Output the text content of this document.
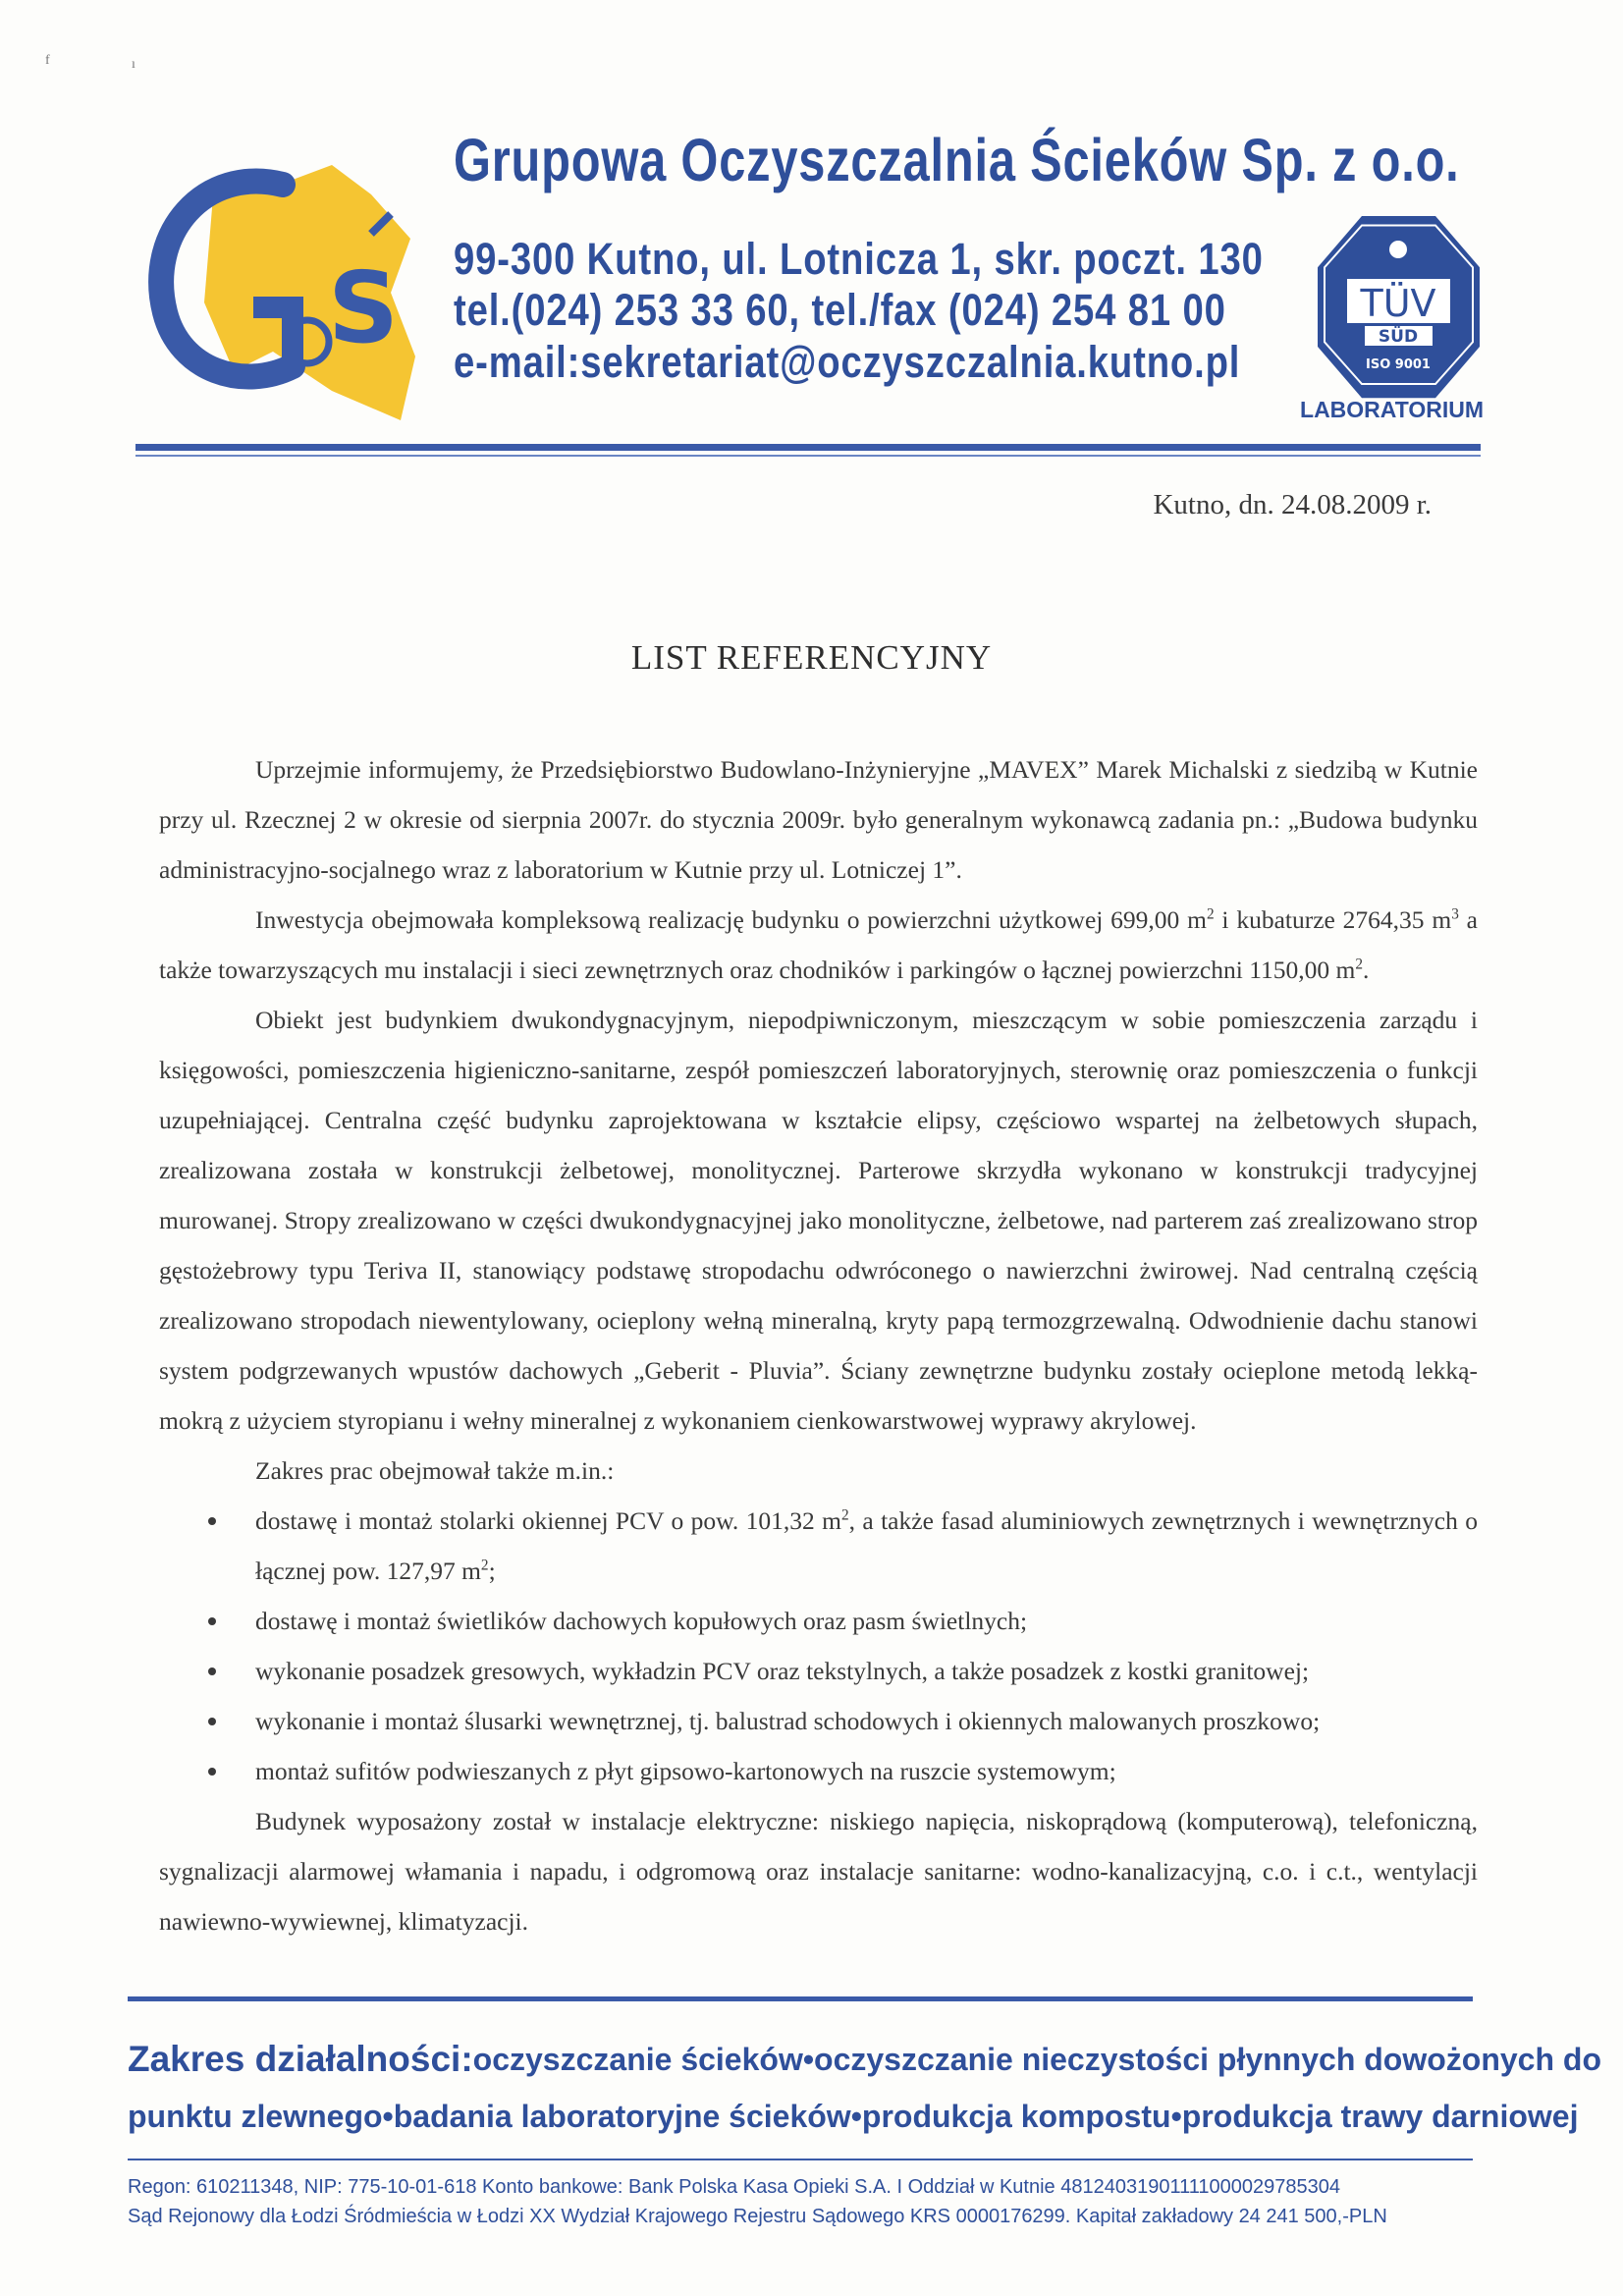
f	ı
S
Grupowa Oczyszczalnia Ścieków Sp. z o.o.
99-300 Kutno, ul. Lotnicza 1, skr. poczt. 130
tel.(024) 253 33 60, tel./fax (024) 254 81 00
e-mail:sekretariat@oczyszczalnia.kutno.pl
TÜV
SÜD
ISO 9001
LABORATORIUM
Kutno, dn. 24.08.2009 r.
LIST REFERENCYJNY

Uprzejmie informujemy, że Przedsiębiorstwo Budowlano-Inżynieryjne „MAVEX” Marek Michalski z siedzibą w Kutnie przy ul. Rzecznej 2 w okresie od sierpnia 2007r. do stycznia 2009r. było generalnym wykonawcą zadania pn.: „Budowa budynku administracyjno-socjalnego wraz z laboratorium w Kutnie przy ul. Lotniczej 1”.

Inwestycja obejmowała kompleksową realizację budynku o powierzchni użytkowej 699,00 $m^2$ i kubaturze 2764,35 $m^3$ a także towarzyszących mu instalacji i sieci zewnętrznych oraz chodników i parkingów o łącznej powierzchni 1150,00 $m^2$.

Obiekt jest budynkiem dwukondygnacyjnym, niepodpiwniczonym, mieszczącym w sobie pomieszczenia zarządu i księgowości, pomieszczenia higieniczno-sanitarne, zespół pomieszczeń laboratoryjnych, sterownię oraz pomieszczenia o funkcji uzupełniającej. Centralna część budynku zaprojektowana w kształcie elipsy, częściowo wspartej na żelbetowych słupach, zrealizowana została w konstrukcji żelbetowej, monolitycznej. Parterowe skrzydła wykonano w konstrukcji tradycyjnej murowanej. Stropy zrealizowano w części dwukondygnacyjnej jako monolityczne, żelbetowe, nad parterem zaś zrealizowano strop gęstożebrowy typu Teriva II, stanowiący podstawę stropodachu odwróconego o nawierzchni żwirowej. Nad centralną częścią zrealizowano stropodach niewentylowany, ocieplony wełną mineralną, kryty papą termozgrzewalną. Odwodnienie dachu stanowi system podgrzewanych wpustów dachowych „Geberit - Pluvia”. Ściany zewnętrzne budynku zostały ocieplone metodą lekką-mokrą z użyciem styropianu i wełny mineralnej z wykonaniem cienkowarstwowej wyprawy akrylowej.

Zakres prac obejmował także m.in.:

dostawę i montaż stolarki okiennej PCV o pow. 101,32 $m^2$, a także fasad aluminiowych zewnętrznych i wewnętrznych o łącznej pow. 127,97 $m^2$;
dostawę i montaż świetlików dachowych kopułowych oraz pasm świetlnych;
wykonanie posadzek gresowych, wykładzin PCV oraz tekstylnych, a także posadzek z kostki granitowej;
wykonanie i montaż ślusarki wewnętrznej, tj. balustrad schodowych i okiennych malowanych proszkowo;
montaż sufitów podwieszanych z płyt gipsowo-kartonowych na ruszcie systemowym;

Budynek wyposażony został w instalacje elektryczne: niskiego napięcia, niskoprądową (komputerową), telefoniczną, sygnalizacji alarmowej włamania i napadu, i odgromową oraz instalacje sanitarne: wodno-kanalizacyjną, c.o. i c.t., wentylacji nawiewno-wywiewnej, klimatyzacji.

Zakres działalności: oczyszczanie ścieków • oczyszczanie nieczystości płynnych dowożonych do
punktu zlewnego • badania laboratoryjne ścieków • produkcja kompostu • produkcja trawy darniowej
Regon: 610211348, NIP: 775-10-01-618 Konto bankowe: Bank Polska Kasa Opieki S.A. I Oddział w Kutnie 48124031901111000029785304
Sąd Rejonowy dla Łodzi Śródmieścia w Łodzi XX Wydział Krajowego Rejestru Sądowego KRS 0000176299. Kapitał zakładowy 24 241 500,-PLN
